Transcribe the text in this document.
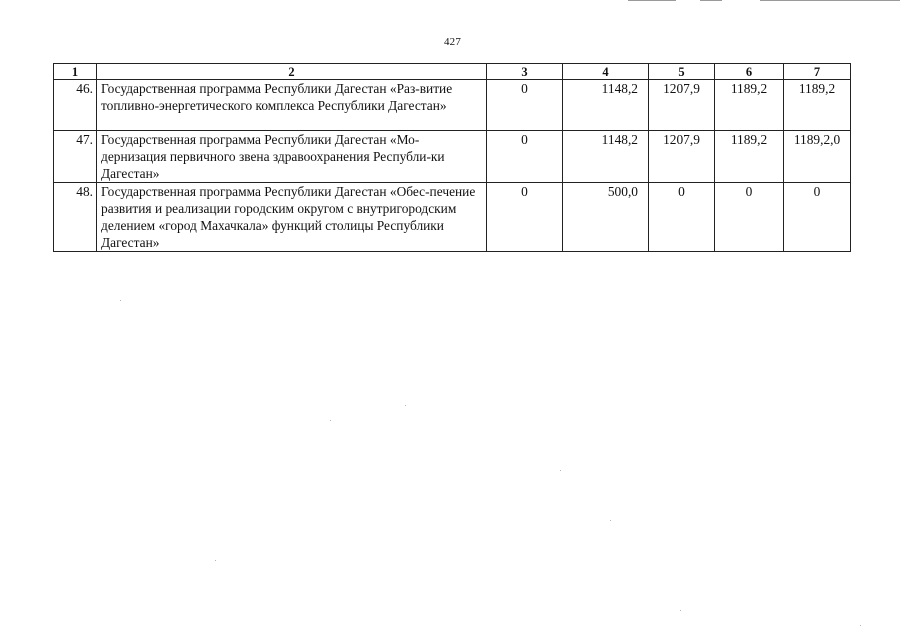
427
1	2	3	4	5	6	7
46.	Государственная программа Республики Дагестан «Раз-витие топливно-энергетического комплекса Республики Дагестан»	0	1148,2	1207,9	1189,2	1189,2
47.	Государственная программа Республики Дагестан «Мо-дернизация первичного звена здравоохранения Республи-ки Дагестан»	0	1148,2	1207,9	1189,2	1189,2,0
48.	Государственная программа Республики Дагестан «Обес-печение развития и реализации городским округом с внутригородским делением «город Махачкала» функций столицы Республики Дагестан»	0	500,0	0	0	0
